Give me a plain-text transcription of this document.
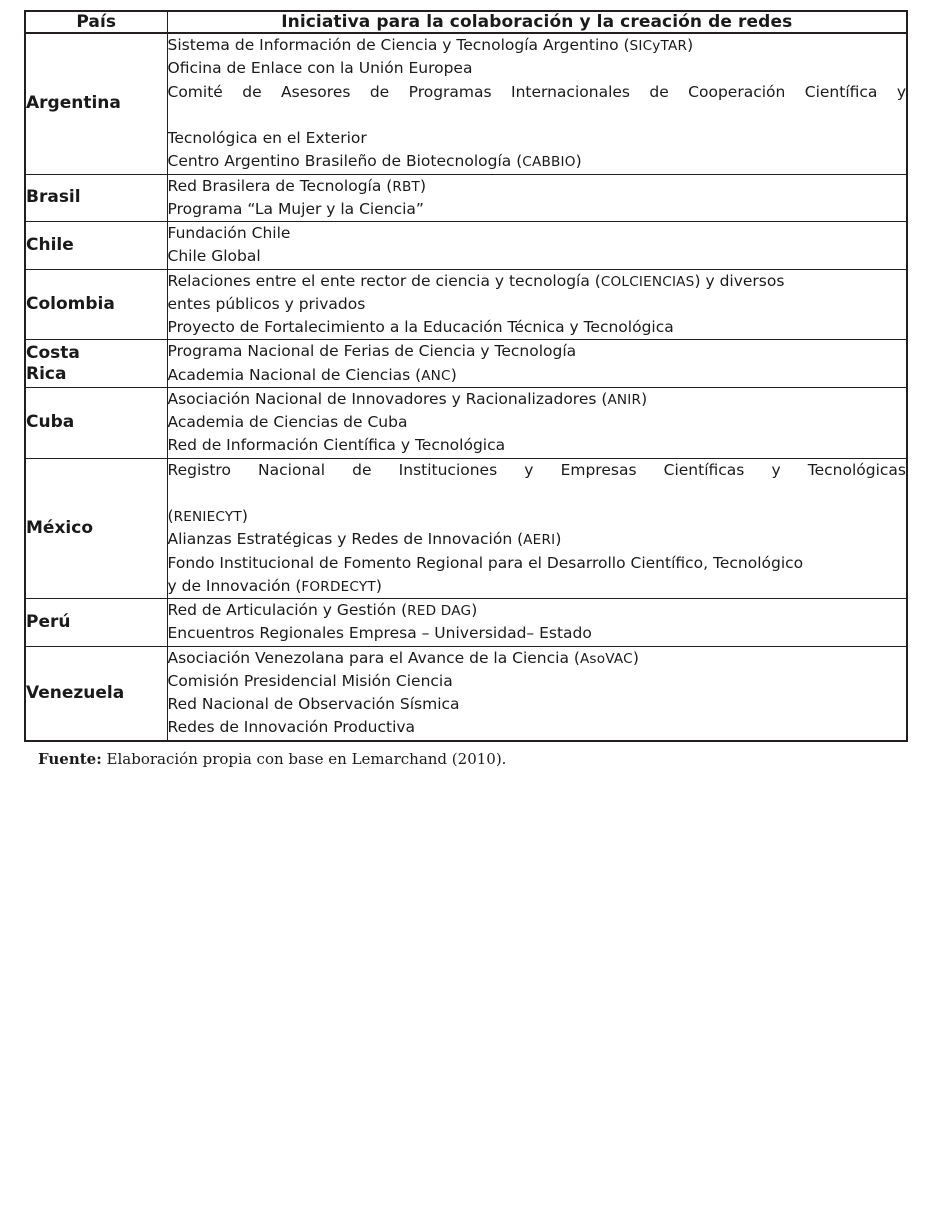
País	Iniciativa para la colaboración y la creación de redes
Argentina	Sistema de Información de Ciencia y Tecnología Argentino (SICyTAR)
Oficina de Enlace con la Unión Europea
Comité de Asesores de Programas Internacionales de Cooperación Científica y
Tecnológica en el Exterior
Centro Argentino Brasileño de Biotecnología (CABBIO)

Brasil	Red Brasilera de Tecnología (RBT)
Programa “La Mujer y la Ciencia”

Chile	Fundación Chile
Chile Global

Colombia	Relaciones entre el ente rector de ciencia y tecnología (COLCIENCIAS) y diversos
entes públicos y privados
Proyecto de Fortalecimiento a la Educación Técnica y Tecnológica

Costa
Rica	Programa Nacional de Ferias de Ciencia y Tecnología
Academia Nacional de Ciencias (ANC)

Cuba	Asociación Nacional de Innovadores y Racionalizadores (ANIR)
Academia de Ciencias de Cuba
Red de Información Científica y Tecnológica

México	Registro Nacional de Instituciones y Empresas Científicas y Tecnológicas
(RENIECYT)
Alianzas Estratégicas y Redes de Innovación (AERI)
Fondo Institucional de Fomento Regional para el Desarrollo Científico, Tecnológico
y de Innovación (FORDECYT)

Perú	Red de Articulación y Gestión (RED DAG)
Encuentros Regionales Empresa – Universidad– Estado

Venezuela	Asociación Venezolana para el Avance de la Ciencia (AsoVAC)
Comisión Presidencial Misión Ciencia
Red Nacional de Observación Sísmica
Redes de Innovación Productiva
Fuente: Elaboración propia con base en Lemarchand (2010).
